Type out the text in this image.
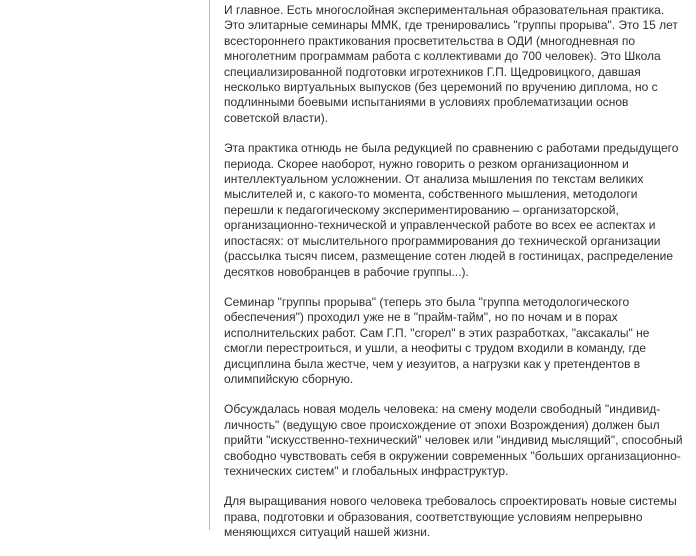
И главное. Есть многослойная экспериментальная образовательная практика. Это элитарные семинары ММК, где тренировались "группы прорыва". Это 15 лет всестороннего практикования просветительства в ОДИ (многодневная по многолетним программам работа с коллективами до 700 человек). Это Школа специализированной подготовки игротехников Г.П. Щедровицкого, давшая несколько виртуальных выпусков (без церемоний по вручению диплома, но с подлинными боевыми испытаниями в условиях проблематизации основ советской власти).

Эта практика отнюдь не была редукцией по сравнению с работами предыдущего периода. Скорее наоборот, нужно говорить о резком организационном и интеллектуальном усложнении. От анализа мышления по текстам великих мыслителей и, с какого-то момента, собственного мышления, методологи перешли к педагогическому экспериментированию – организаторской, организационно-технической и управленческой работе во всех ее аспектах и ипостасях: от мыслительного программирования до технической организации (рассылка тысяч писем, размещение сотен людей в гостиницах, распределение десятков новобранцев в рабочие группы...).

Семинар "группы прорыва" (теперь это была "группа методологического обеспечения") проходил уже не в "прайм-тайм", но по ночам и в порах исполнительских работ. Сам Г.П. "сгорел" в этих разработках, "аксакалы" не смогли перестроиться, и ушли, а неофиты с трудом входили в команду, где дисциплина была жестче, чем у иезуитов, а нагрузки как у претендентов в олимпийскую сборную.

Обсуждалась новая модель человека: на смену модели свободный "индивид-личность" (ведущую свое происхождение от эпохи Возрождения) должен был прийти "искусственно-технический" человек или "индивид мыслящий", способный свободно чувствовать себя в окружении современных "больших организационно-технических систем" и глобальных инфраструктур.

Для выращивания нового человека требовалось спроектировать новые системы права, подготовки и образования, соответствующие условиям непрерывно меняющихся ситуаций нашей жизни.
